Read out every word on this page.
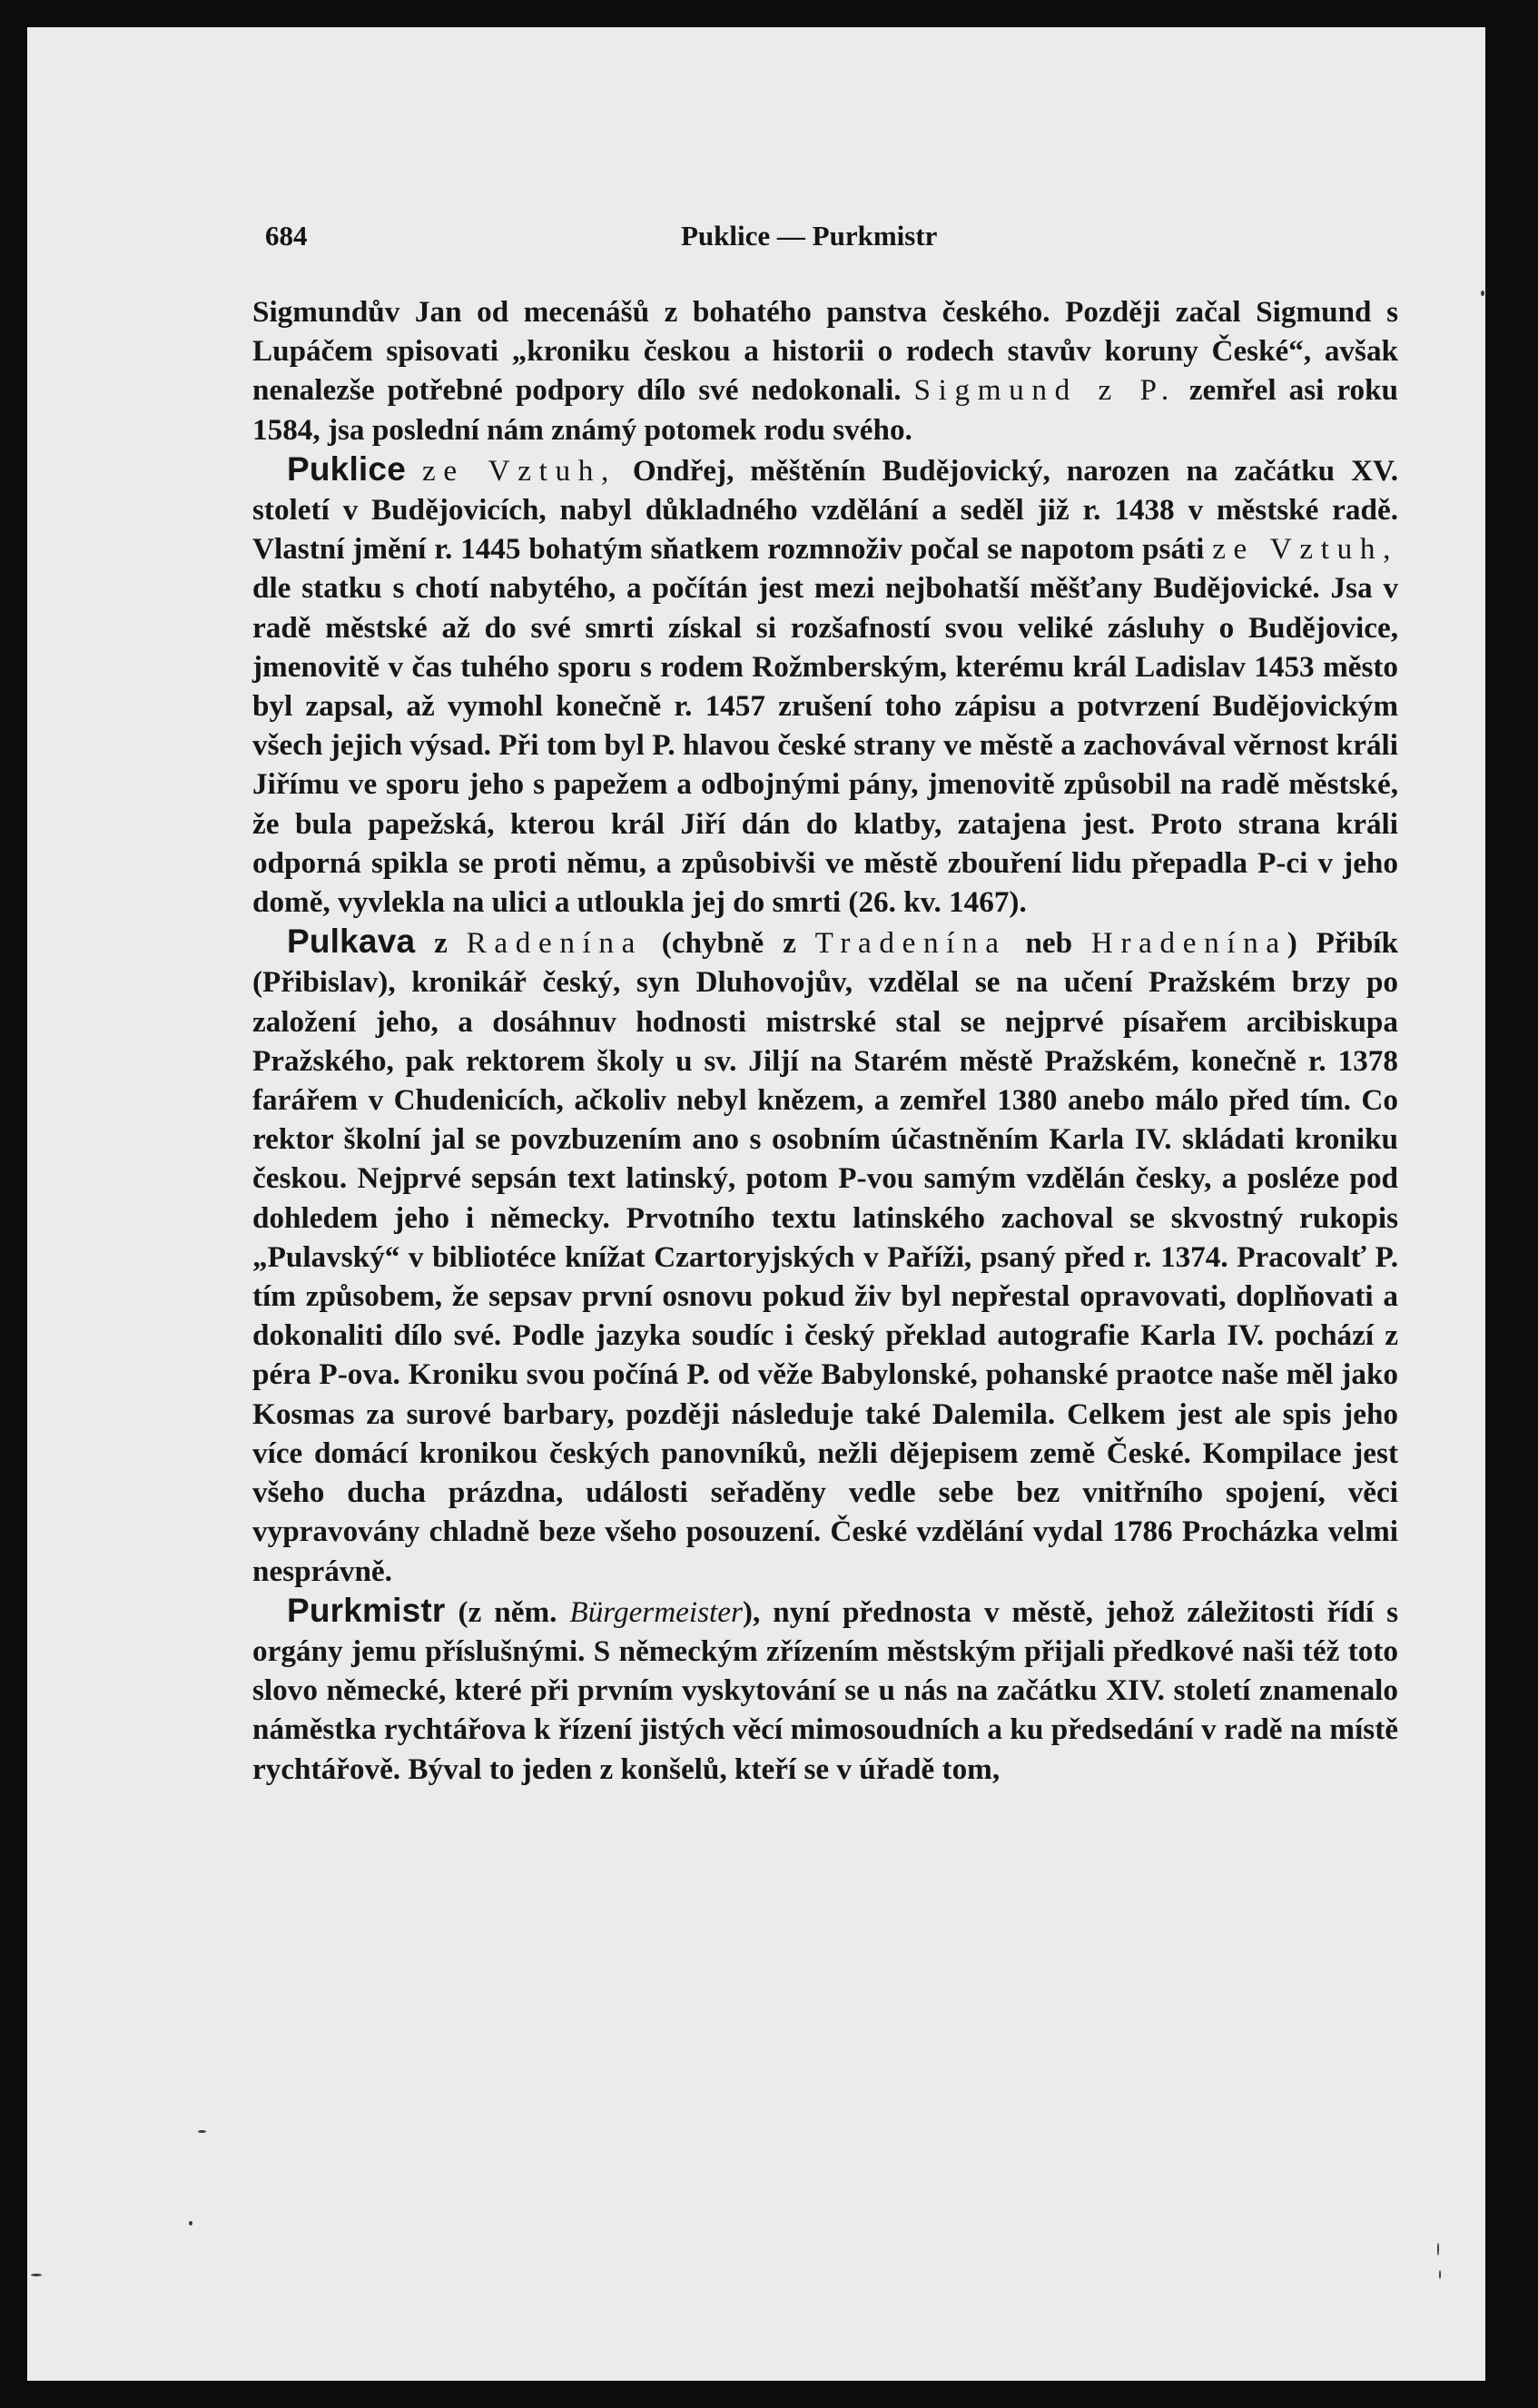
684	Puklice — Purkmistr

Sigmundův Jan od mecenášů z bohatého panstva českého. Později začal Sigmund s Lupáčem spisovati „kroniku českou a historii o rodech stavův koruny České“, avšak nenalezše potřebné podpory dílo své nedokonali. Sigmund z P. zemřel asi roku 1584, jsa poslední nám známý potomek rodu svého.

Puklice ze Vztuh, Ondřej, měštěnín Budějovický, narozen na začátku XV. století v Budějovicích, nabyl důkladného vzdělání a seděl již r. 1438 v městské radě. Vlastní jmění r. 1445 bohatým sňatkem rozmnoživ počal se napotom psáti ze Vztuh, dle statku s chotí nabytého, a počítán jest mezi nejbohatší měšťany Budějovické. Jsa v radě městské až do své smrti získal si rozšafností svou veliké zásluhy o Budějovice, jmenovitě v čas tuhého sporu s rodem Rožmberským, kterému král Ladislav 1453 město byl zapsal, až vymohl konečně r. 1457 zrušení toho zápisu a potvrzení Budějovickým všech jejich výsad. Při tom byl P. hlavou české strany ve městě a zachovával věrnost králi Jiřímu ve sporu jeho s papežem a odbojnými pány, jmenovitě způsobil na radě městské, že bula papežská, kterou král Jiří dán do klatby, zatajena jest. Proto strana králi odporná spikla se proti němu, a způsobivši ve městě zbouření lidu přepadla P-ci v jeho domě, vyvlekla na ulici a utloukla jej do smrti (26. kv. 1467).

Pulkava z Radenína (chybně z Tradenína neb Hradenína) Přibík (Přibislav), kronikář český, syn Dluhovojův, vzdělal se na učení Pražském brzy po založení jeho, a dosáhnuv hodnosti mistrské stal se nejprvé písařem arcibiskupa Pražského, pak rektorem školy u sv. Jiljí na Starém městě Pražském, konečně r. 1378 farářem v Chudenicích, ačkoliv nebyl knězem, a zemřel 1380 anebo málo před tím. Co rektor školní jal se povzbuzením ano s osobním účastněním Karla IV. skládati kroniku českou. Nejprvé sepsán text latinský, potom P-vou samým vzdělán česky, a posléze pod dohledem jeho i německy. Prvotního textu latinského zachoval se skvostný rukopis „Pulavský“ v bibliotéce knížat Czartoryjských v Paříži, psaný před r. 1374. Pracovalť P. tím způsobem, že sepsav první osnovu pokud živ byl nepřestal opravovati, doplňovati a dokonaliti dílo své. Podle jazyka soudíc i český překlad autografie Karla IV. pochází z péra P-ova. Kroniku svou počíná P. od věže Babylonské, pohanské praotce naše měl jako Kosmas za surové barbary, později následuje také Dalemila. Celkem jest ale spis jeho více domácí kronikou českých panovníků, nežli dějepisem země České. Kompilace jest všeho ducha prázdna, události seřaděny vedle sebe bez vnitřního spojení, věci vypravovány chladně beze všeho posouzení. České vzdělání vydal 1786 Procházka velmi nesprávně.

Purkmistr (z něm. Bürgermeister), nyní přednosta v městě, jehož záležitosti řídí s orgány jemu příslušnými. S německým zřízením městským přijali předkové naši též toto slovo německé, které při prvním vyskytování se u nás na začátku XIV. století znamenalo náměstka rychtářova k řízení jistých věcí mimosoudních a ku předsedání v radě na místě rychtářově. Býval to jeden z konšelů, kteří se v úřadě tom,
